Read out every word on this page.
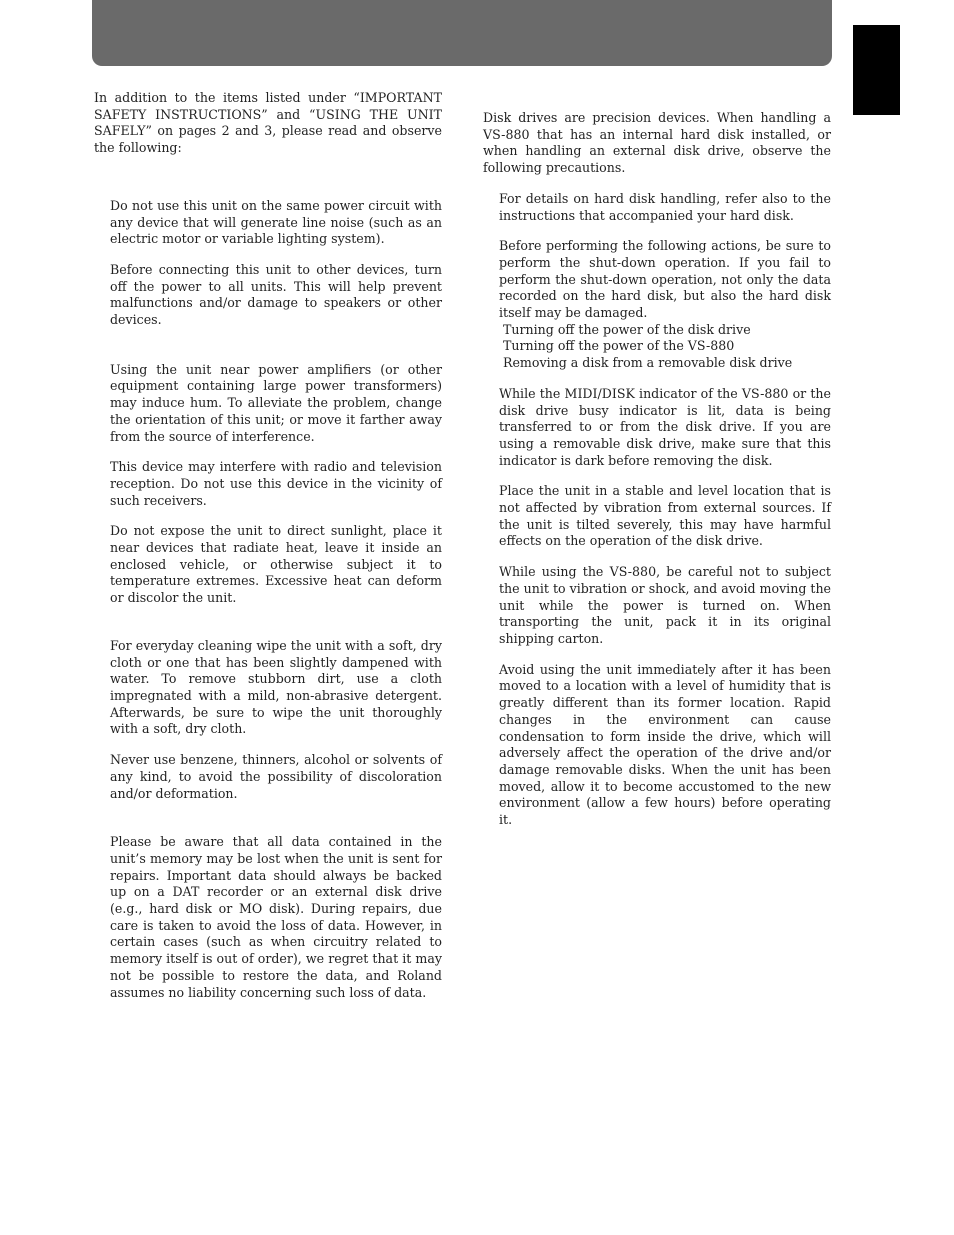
In addition to the items listed under “IMPORTANT SAFETY INSTRUCTIONS” and “USING THE UNIT SAFELY” on pages 2 and 3, please read and observe the following:

Do not use this unit on the same power circuit with any device that will generate line noise (such as an electric motor or variable lighting system).

Before connecting this unit to other devices, turn off the power to all units. This will help prevent malfunctions and/or damage to speakers or other devices.

Using the unit near power amplifiers (or other equipment containing large power transformers) may induce hum. To alleviate the problem, change the orientation of this unit; or move it farther away from the source of interference.

This device may interfere with radio and television reception. Do not use this device in the vicinity of such receivers.

Do not expose the unit to direct sunlight, place it near devices that radiate heat, leave it inside an enclosed vehicle, or otherwise subject it to temperature extremes. Excessive heat can deform or discolor the unit.

For everyday cleaning wipe the unit with a soft, dry cloth or one that has been slightly dampened with water. To remove stubborn dirt, use a cloth impregnated with a mild, non-abrasive detergent. Afterwards, be sure to wipe the unit thoroughly with a soft, dry cloth.

Never use benzene, thinners, alcohol or solvents of any kind, to avoid the possibility of discoloration and/or deformation.

Please be aware that all data contained in the unit’s memory may be lost when the unit is sent for repairs. Important data should always be backed up on a DAT recorder or an external disk drive (e.g., hard disk or MO disk). During repairs, due care is taken to avoid the loss of data. However, in certain cases (such as when circuitry related to memory itself is out of order), we regret that it may not be possible to restore the data, and Roland assumes no liability concerning such loss of data.

Disk drives are precision devices. When handling a VS-880 that has an internal hard disk installed, or when handling an external disk drive, observe the following precautions.

For details on hard disk handling, refer also to the instructions that accompanied your hard disk.

Before performing the following actions, be sure to perform the shut-down operation. If you fail to perform the shut-down operation, not only the data recorded on the hard disk, but also the hard disk itself may be damaged.

Turning off the power of the disk drive
Turning off the power of the VS-880
Removing a disk from a removable disk drive

While the MIDI/DISK indicator of the VS-880 or the disk drive busy indicator is lit, data is being transferred to or from the disk drive. If you are using a removable disk drive, make sure that this indicator is dark before removing the disk.

Place the unit in a stable and level location that is not affected by vibration from external sources. If the unit is tilted severely, this may have harmful effects on the operation of the disk drive.

While using the VS-880, be careful not to subject the unit to vibration or shock, and avoid moving the unit while the power is turned on. When transporting the unit, pack it in its original shipping carton.

Avoid using the unit immediately after it has been moved to a location with a level of humidity that is greatly different than its former location. Rapid changes in the environment can cause condensation to form inside the drive, which will adversely affect the operation of the drive and/or damage removable disks. When the unit has been moved, allow it to become accustomed to the new environment (allow a few hours) before operating it.
